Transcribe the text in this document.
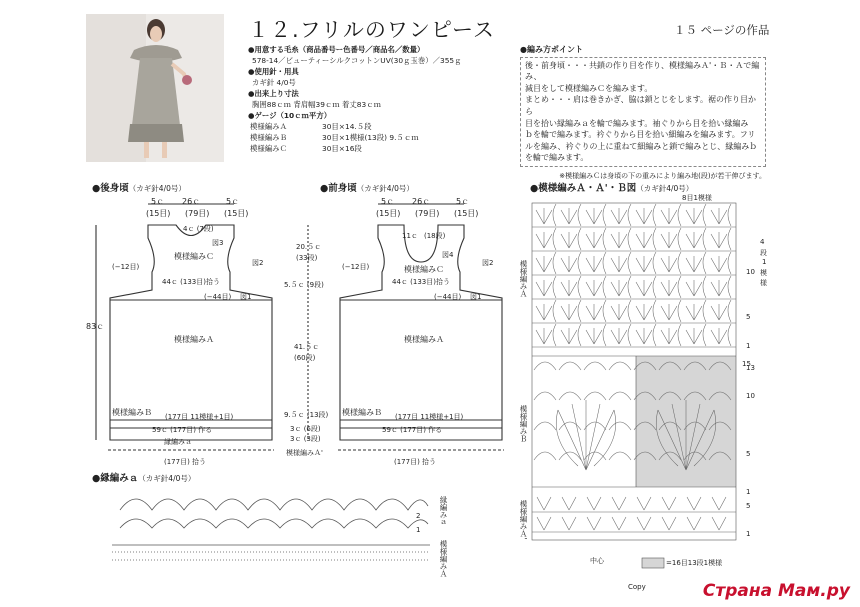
１２.フリルのワンピース	１５ ページの作品
●用意する毛糸（商品番号ー色番号／商品名／数量）
578-14／ビューティーシルクコットンUV(30ｇ玉巻）／355ｇ
●使用針・用具
カギ針 4/0号
●出来上り寸法
胸囲88ｃｍ 背肩幅39ｃｍ 着丈83ｃｍ
●ゲージ（10ｃｍ平方）
模様編みＡ	30目×14.５段
模様編みＢ	30目×1模様(13段) 9.５ｃｍ
模様編みＣ	30目×16段
●編み方ポイント
後・前身頃・・・共鎖の作り目を作り、模様編みＡ'・Ｂ・Ａで編み、
減目をして模様編みＣを編みます。
まとめ・・・肩は巻きかぎ、脇は鎖とじをします。裾の作り目から
目を拾い縁編みａを輪で編みます。袖ぐりから目を拾い縁編み
ｂを輪で編みます。衿ぐりから目を拾い細編みを編みます。フリ
ルを編み、衿ぐりの上に重ねて細編みと鎖で編みとじ、縁編みｂ
を輪で編みます。
※模様編みＣは身頃の下の重みにより編み地(段)が若干伸びます。
●後身頃（カギ針4/0号）
5ｃ 26ｃ	5ｃ
(15目) (79目) (15目)
4ｃ (7段)
図3
図2
図1
模様編みＣ
(−12目)
44ｃ (133目)拾う
(−44目)
83ｃ
模様編みＡ
模様編みＢ (177目 11模様+1目)
59ｃ (177目) 作る
縁編みａ
(177目) 拾う
20.５ｃ
(33段)
5.５ｃ (9段)
41.５ｃ
(60段)
9.５ｃ (13段)
3ｃ (6段)
3ｃ (3段)
●前身頃（カギ針4/0号）
5ｃ 26ｃ	5ｃ
(15目) (79目) (15目)
11ｃ (18段)
図4
図2
図1
模様編みＣ
(−12目)
44ｃ (133目)拾う
(−44目)
模様編みＡ
模様編みＢ (177目 11模様+1目)
59ｃ (177目) 作る
模様編みＡ'
(177目) 拾う
●縁編みａ（カギ針4/0号）
縁編みａ
模様編みＡ
2
1
●模様編みＡ・Ａ'・Ｂ図（カギ針4/0号）
8目1模様
模様編みＡ
模様編みＢ
模様編みＡ'
4
段
1
模
様
10
5
1
15
13
10
5
1
5
1
中心	=16目13段1模様
Copy	Страна Мам.ру
